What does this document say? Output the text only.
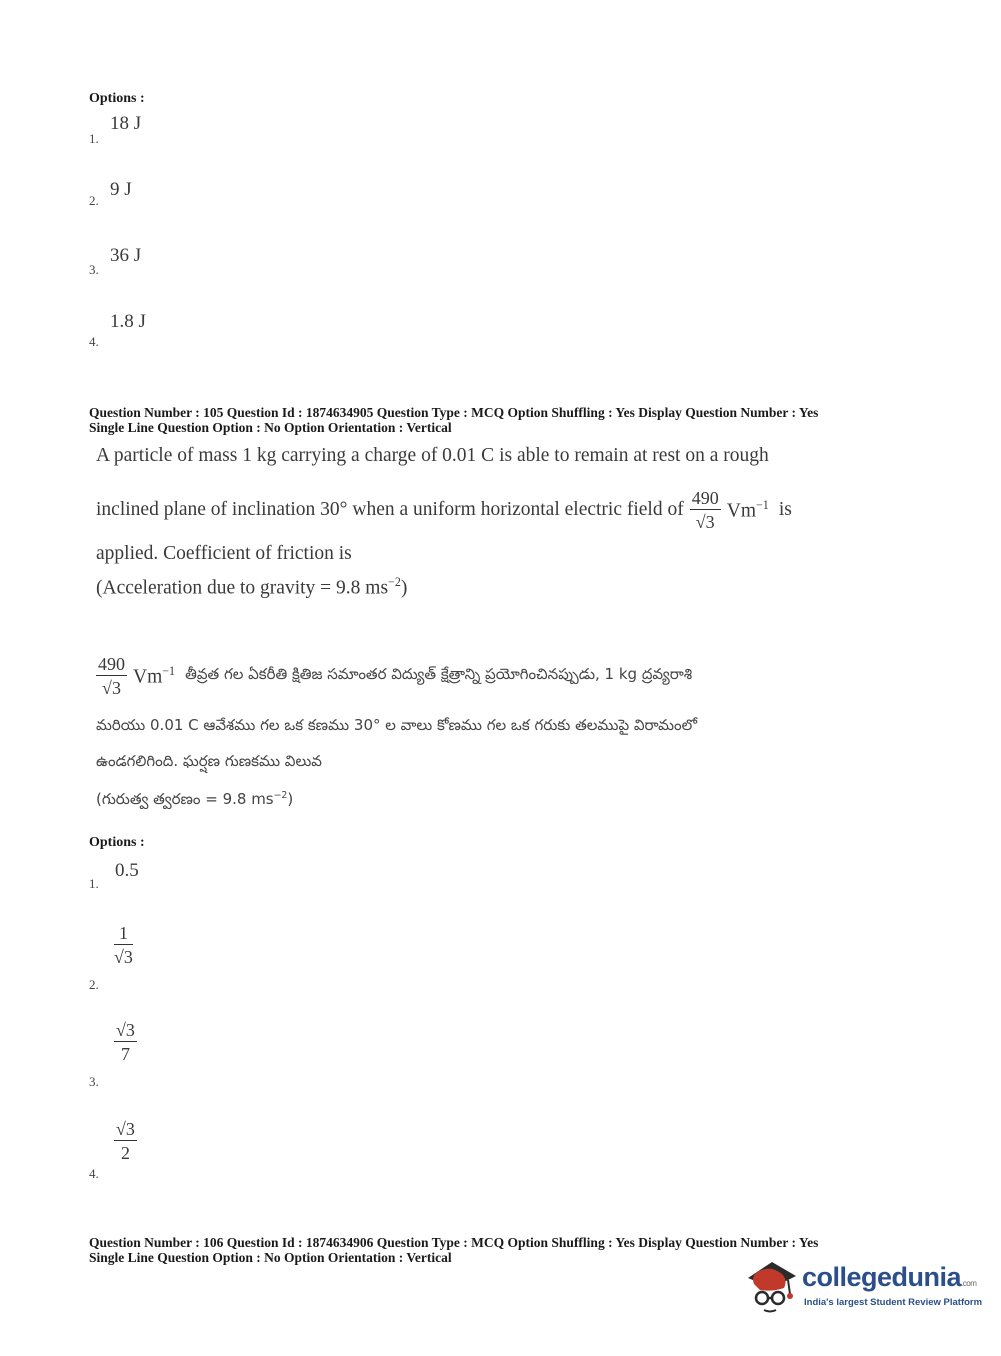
Options :
1.
18 J
2.
9 J
3.
36 J
4.
1.8 J
Question Number : 105 Question Id : 1874634905 Question Type : MCQ Option Shuffling : Yes Display Question Number : Yes
Single Line Question Option : No Option Orientation : Vertical
A particle of mass 1 kg carrying a charge of 0.01 C is able to remain at rest on a rough
inclined plane of inclination 30° when a uniform horizontal electric field of $\frac{490}{√3} Vm^{-1}$ is
applied. Coefficient of friction is
(Acceleration due to gravity = 9.8 $ms^{-2}$)
$\frac{490}{√3} Vm^{-1}$ తీవ్రత గల ఏకరీతి క్షితిజ సమాంతర విద్యుత్ క్షేత్రాన్ని ప్రయోగించినప్పుడు, 1 kg ద్రవ్యరాశి
మరియు 0.01 C ఆవేశము గల ఒక కణము 30° ల వాలు కోణము గల ఒక గరుకు తలముపై విరామంలో
ఉండగలిగింది. ఘర్షణ గుణకము విలువ
(గురుత్వ త్వరణం = 9.8 $ms^{-2}$)
Options :
1.
0.5
2.
$\frac{1}{√3}$
3.
$\frac{√3}{7}$
4.
$\frac{√3}{2}$
Question Number : 106 Question Id : 1874634906 Question Type : MCQ Option Shuffling : Yes Display Question Number : Yes
Single Line Question Option : No Option Orientation : Vertical
collegedunia.com
India's largest Student Review Platform
